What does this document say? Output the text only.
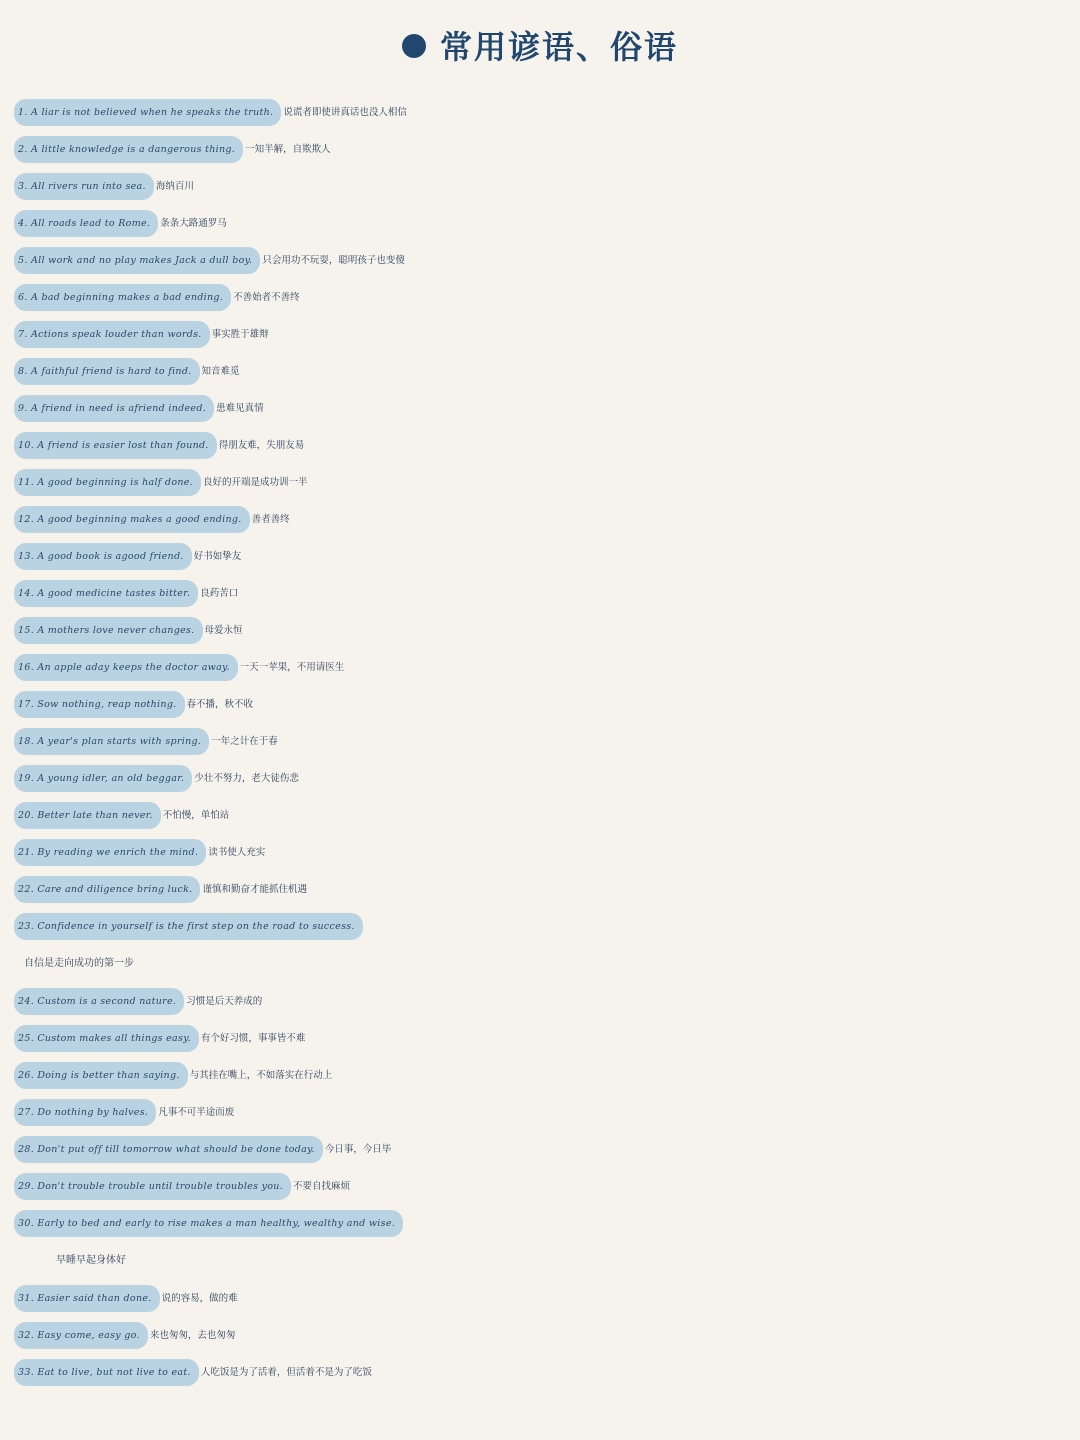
常用谚语、俗语
1. A liar is not believed when he speaks the truth. 说谎者即使讲真话也没人相信
2. A little knowledge is a dangerous thing. 一知半解，自欺欺人
3. All rivers run into sea. 海纳百川
4. All roads lead to Rome. 条条大路通罗马
5. All work and no play makes Jack a dull boy. 只会用功不玩耍，聪明孩子也变傻
6. A bad beginning makes a bad ending. 不善始者不善终
7. Actions speak louder than words. 事实胜于雄辩
8. A faithful friend is hard to find. 知音难觅
9. A friend in need is afriend indeed. 患难见真情
10. A friend is easier lost than found. 得朋友难，失朋友易
11. A good beginning is half done. 良好的开端是成功训一半
12. A good beginning makes a good ending. 善者善终
13. A good book is agood friend. 好书如挚友
14. A good medicine tastes bitter. 良药苦口
15. A mothers love never changes. 母爱永恒
16. An apple aday keeps the doctor away. 一天一苹果，不用请医生
17. Sow nothing, reap nothing. 春不播，秋不收
18. A year's plan starts with spring. 一年之计在于春
19. A young idler, an old beggar. 少壮不努力，老大徒伤悲
20. Better late than never. 不怕慢，单怕站
21. By reading we enrich the mind. 读书使人充实
22. Care and diligence bring luck. 谨慎和勤奋才能抓住机遇
23. Confidence in yourself is the first step on the road to success.
自信是走向成功的第一步
24. Custom is a second nature. 习惯是后天养成的
25. Custom makes all things easy. 有个好习惯，事事皆不难
26. Doing is better than saying. 与其挂在嘴上，不如落实在行动上
27. Do nothing by halves. 凡事不可半途而废
28. Don't put off till tomorrow what should be done today. 今日事，今日毕
29. Don't trouble trouble until trouble troubles you. 不要自找麻烦
30. Early to bed and early to rise makes a man healthy, wealthy and wise.
早睡早起身体好
31. Easier said than done. 说的容易，做的难
32. Easy come, easy go. 来也匆匆，去也匆匆
33. Eat to live, but not live to eat. 人吃饭是为了活着，但活着不是为了吃饭
